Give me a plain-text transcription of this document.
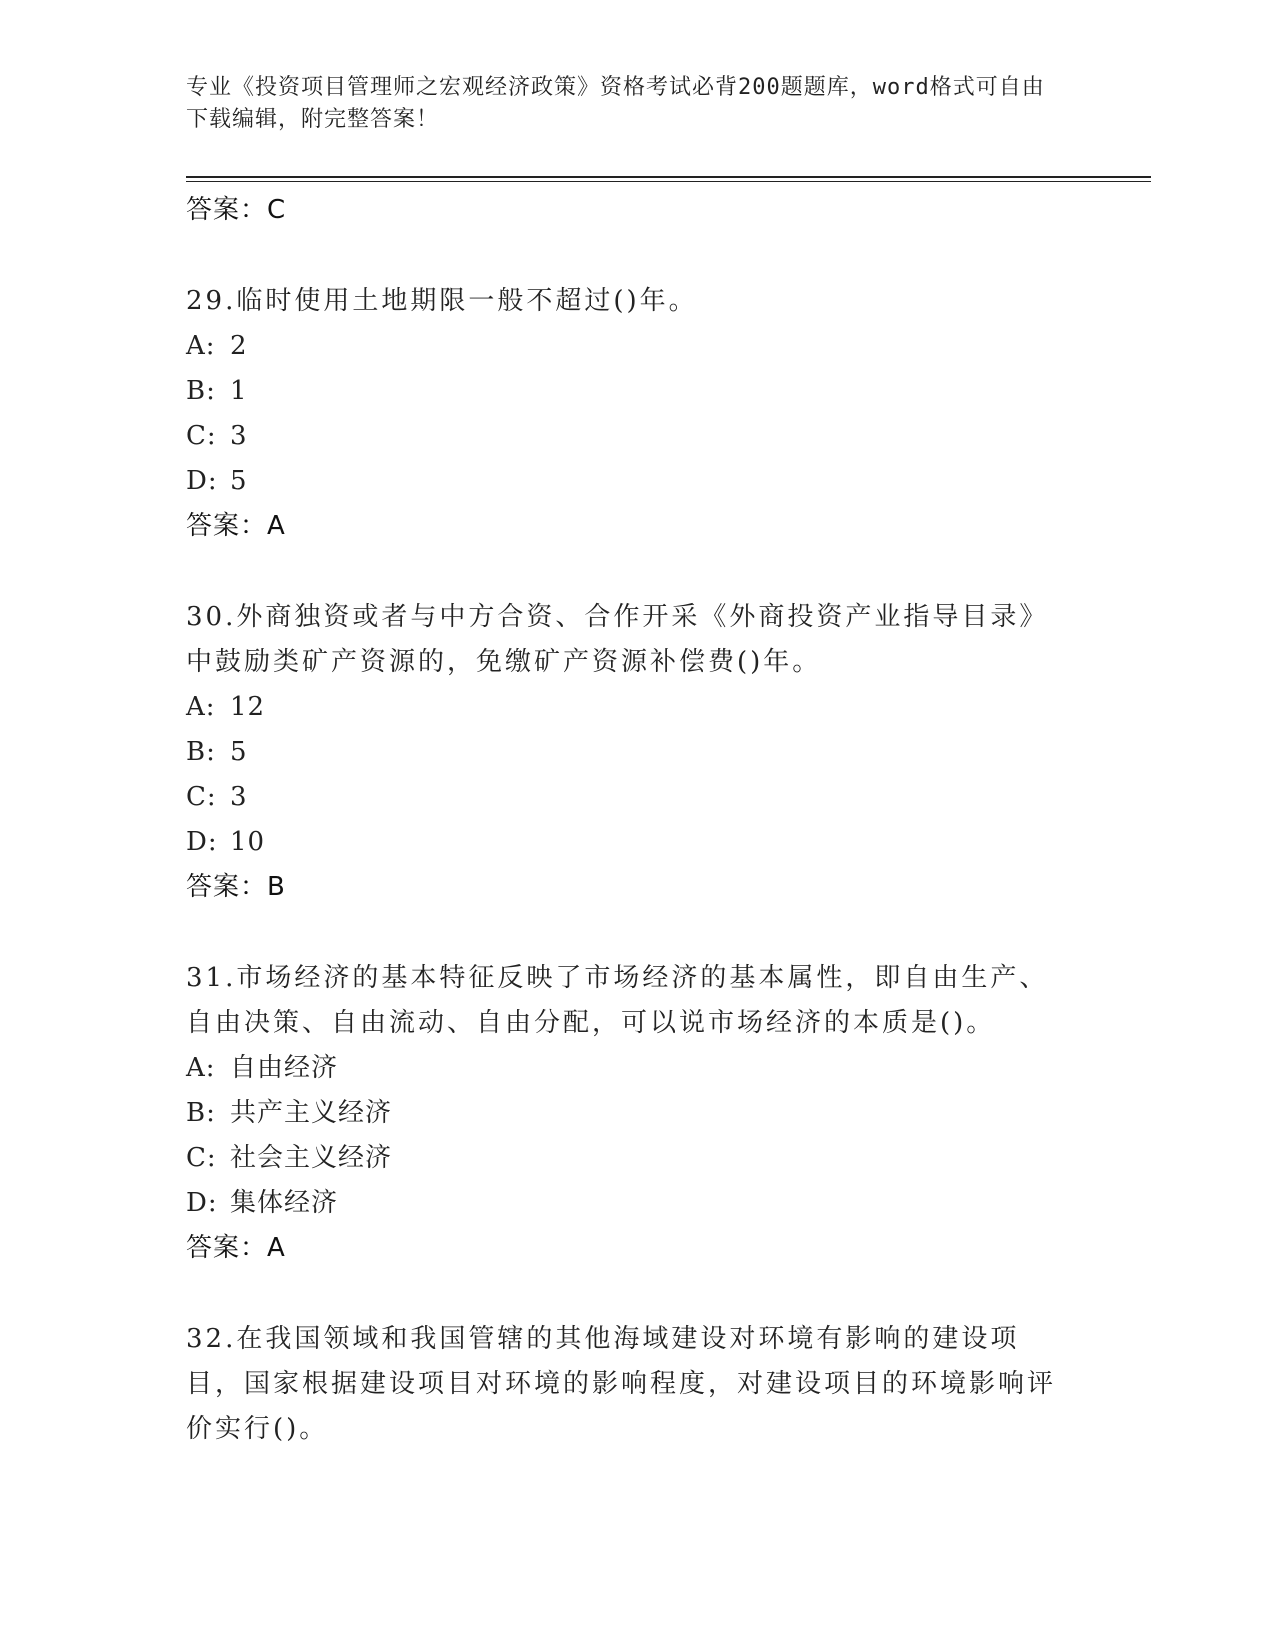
专业《投资项目管理师之宏观经济政策》资格考试必背200题题库，word格式可自由下载编辑，附完整答案！
答案：C
29.临时使用土地期限一般不超过()年。
A: 2
B: 1
C: 3
D: 5
答案：A
30.外商独资或者与中方合资、合作开采《外商投资产业指导目录》中鼓励类矿产资源的，免缴矿产资源补偿费()年。
A: 12
B: 5
C: 3
D: 10
答案：B
31.市场经济的基本特征反映了市场经济的基本属性，即自由生产、自由决策、自由流动、自由分配，可以说市场经济的本质是()。
A: 自由经济
B: 共产主义经济
C: 社会主义经济
D: 集体经济
答案：A
32.在我国领域和我国管辖的其他海域建设对环境有影响的建设项目，国家根据建设项目对环境的影响程度，对建设项目的环境影响评价实行()。
